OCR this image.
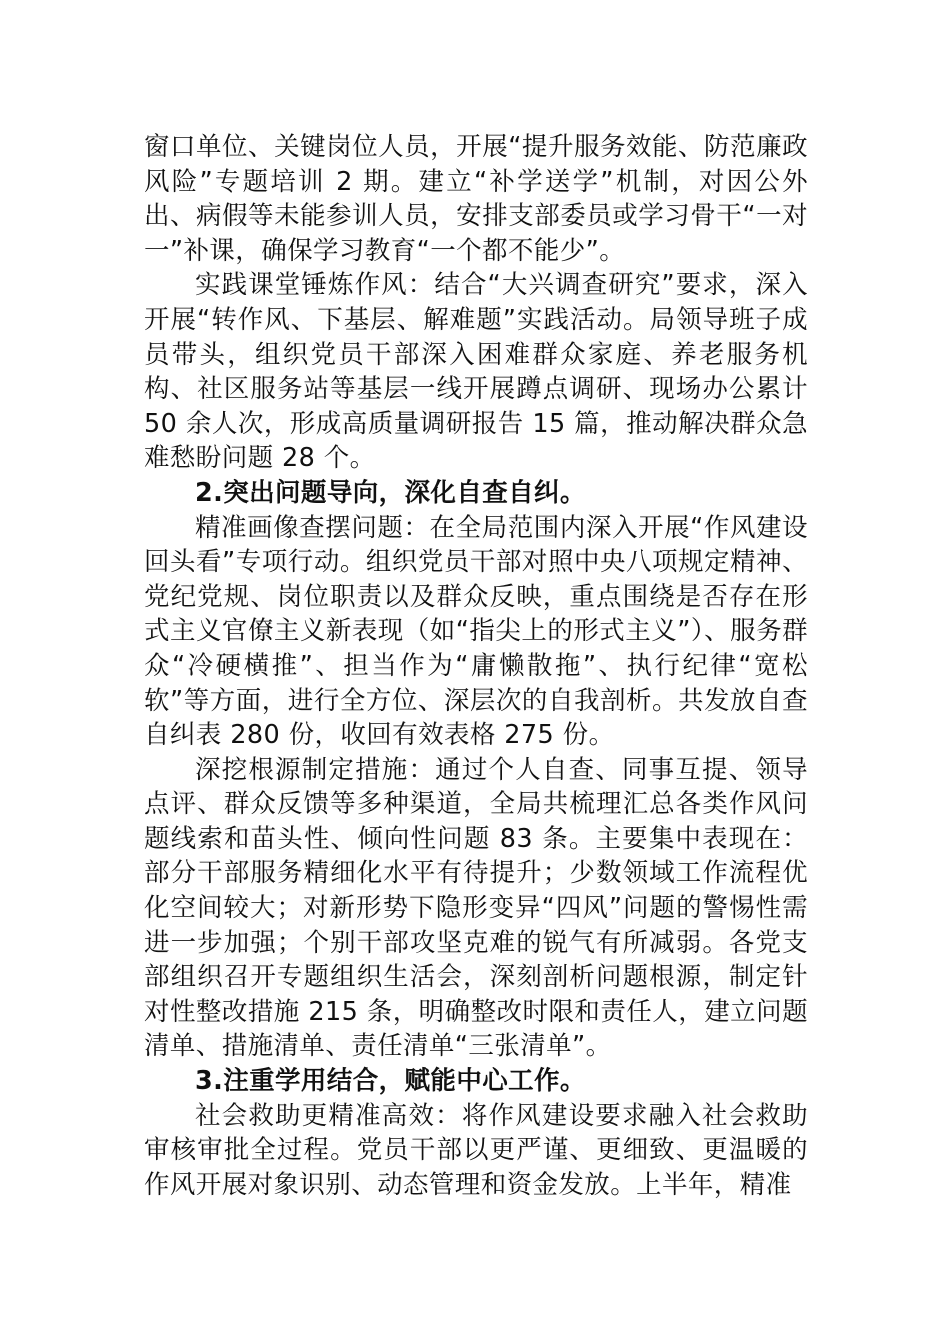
窗口单位、关键岗位人员，开展“提升服务效能、防范廉政风险”专题培训 2 期。建立“补学送学”机制，对因公外出、病假等未能参训人员，安排支部委员或学习骨干“一对一”补课，确保学习教育“一个都不能少”。

实践课堂锤炼作风：结合“大兴调查研究”要求，深入开展“转作风、下基层、解难题”实践活动。局领导班子成员带头，组织党员干部深入困难群众家庭、养老服务机构、社区服务站等基层一线开展蹲点调研、现场办公累计 50 余人次，形成高质量调研报告 15 篇，推动解决群众急难愁盼问题 28 个。

2.突出问题导向，深化自查自纠。

精准画像查摆问题：在全局范围内深入开展“作风建设回头看”专项行动。组织党员干部对照中央八项规定精神、党纪党规、岗位职责以及群众反映，重点围绕是否存在形式主义官僚主义新表现（如“指尖上的形式主义”）、服务群众“冷硬横推”、担当作为“庸懒散拖”、执行纪律“宽松软”等方面，进行全方位、深层次的自我剖析。共发放自查自纠表 280 份，收回有效表格 275 份。

深挖根源制定措施：通过个人自查、同事互提、领导点评、群众反馈等多种渠道，全局共梳理汇总各类作风问题线索和苗头性、倾向性问题 83 条。主要集中表现在：部分干部服务精细化水平有待提升；少数领域工作流程优化空间较大；对新形势下隐形变异“四风”问题的警惕性需进一步加强；个别干部攻坚克难的锐气有所减弱。各党支部组织召开专题组织生活会，深刻剖析问题根源，制定针对性整改措施 215 条，明确整改时限和责任人，建立问题清单、措施清单、责任清单“三张清单”。

3.注重学用结合，赋能中心工作。

社会救助更精准高效：将作风建设要求融入社会救助审核审批全过程。党员干部以更严谨、更细致、更温暖的作风开展对象识别、动态管理和资金发放。上半年，精准
